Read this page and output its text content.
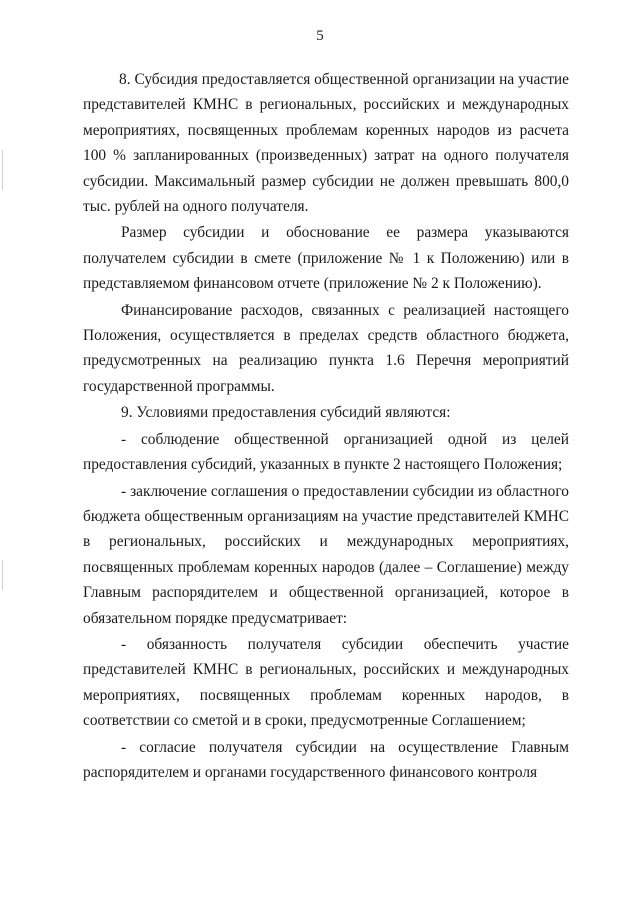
5

8. Субсидия предоставляется общественной организации на участие представителей КМНС в региональных, российских и международных мероприятиях, посвященных проблемам коренных народов из расчета 100 % запланированных (произведенных) затрат на одного получателя субсидии. Максимальный размер субсидии не должен превышать 800,0 тыс. рублей на одного получателя.

Размер субсидии и обоснование ее размера указываются получателем субсидии в смете (приложение № 1 к Положению) или в представляемом финансовом отчете (приложение № 2 к Положению).

Финансирование расходов, связанных с реализацией настоящего Положения, осуществляется в пределах средств областного бюджета, предусмотренных на реализацию пункта 1.6 Перечня мероприятий государственной программы.

9. Условиями предоставления субсидий являются:

- соблюдение общественной организацией одной из целей предоставления субсидий, указанных в пункте 2 настоящего Положения;

- заключение соглашения о предоставлении субсидии из областного бюджета общественным организациям на участие представителей КМНС в региональных, российских и международных мероприятиях, посвященных проблемам коренных народов (далее – Соглашение) между Главным распорядителем и общественной организацией, которое в обязательном порядке предусматривает:

- обязанность получателя субсидии обеспечить участие представителей КМНС в региональных, российских и международных мероприятиях, посвященных проблемам коренных народов, в соответствии со сметой и в сроки, предусмотренные Соглашением;

- согласие получателя субсидии на осуществление Главным распорядителем и органами государственного финансового контроля
